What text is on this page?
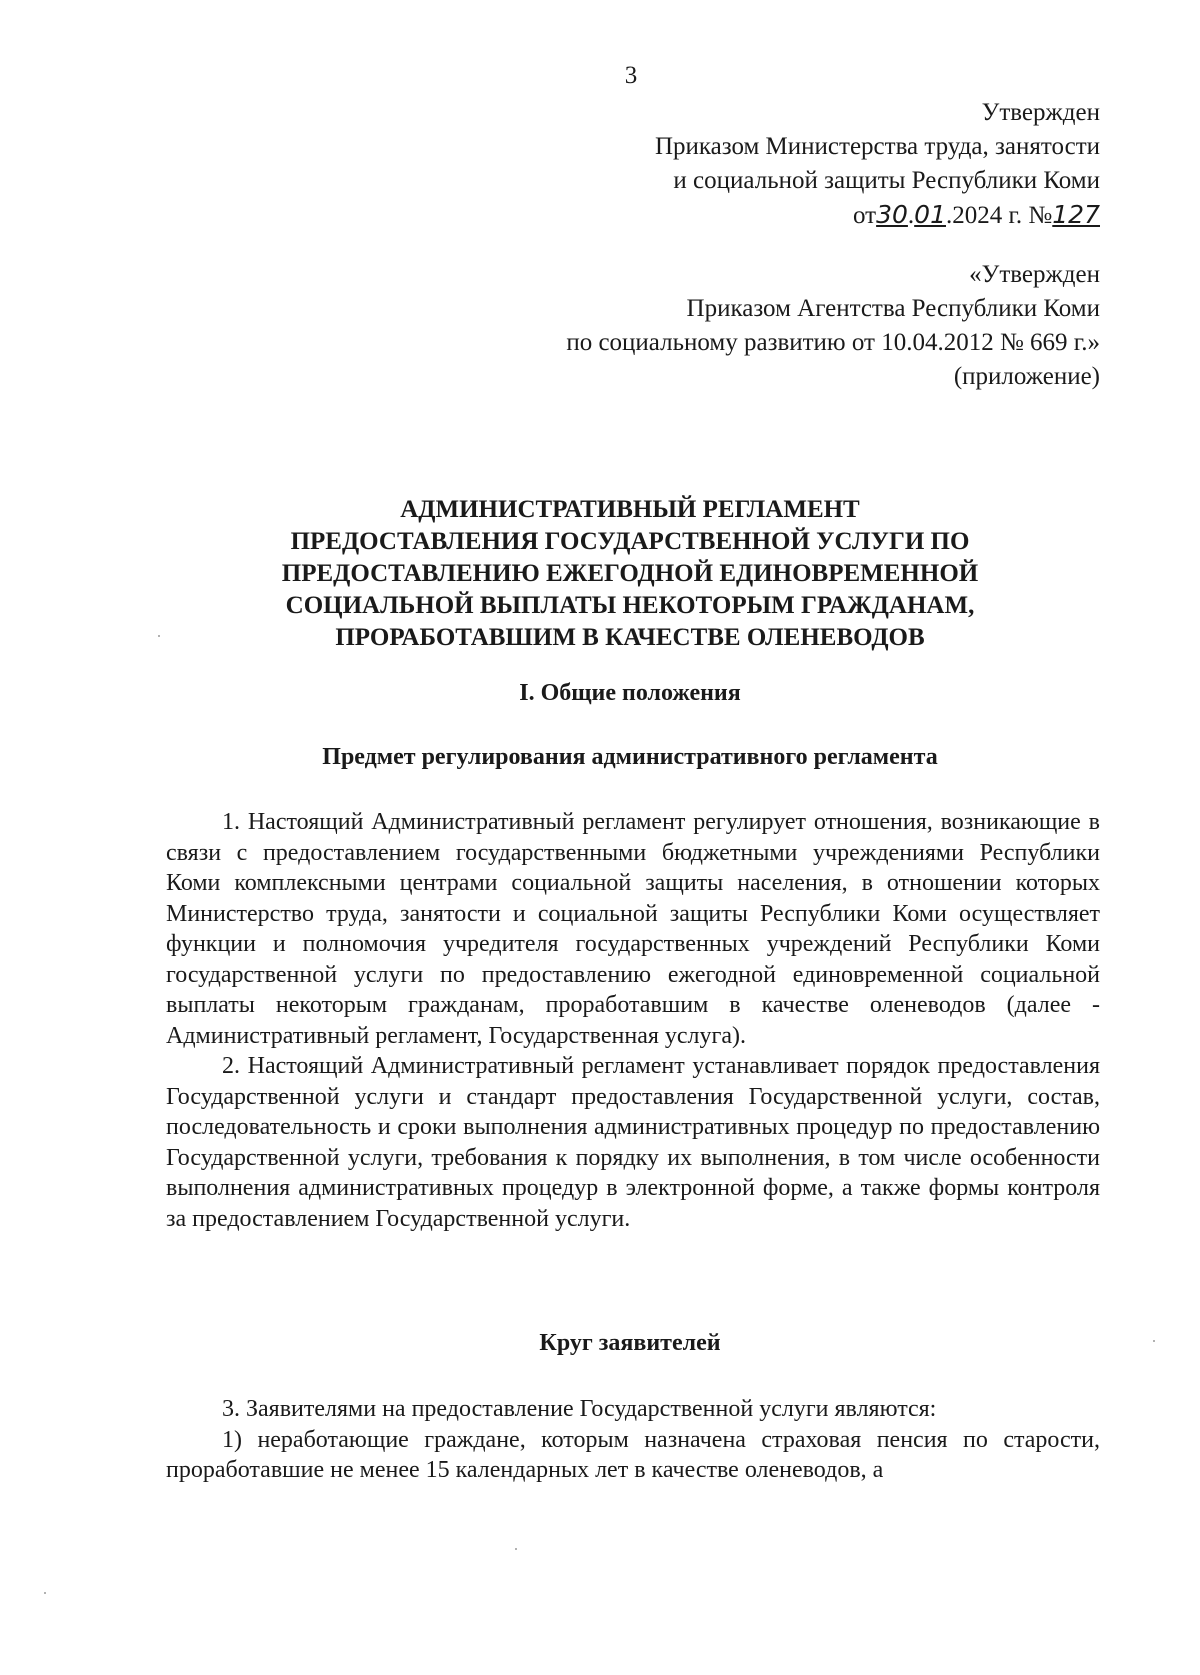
3
Утвержден
Приказом Министерства труда, занятости
и социальной защиты Республики Коми
от30.01.2024 г. №127
«Утвержден
Приказом Агентства Республики Коми
по социальному развитию от 10.04.2012 № 669 г.»
(приложение)
АДМИНИСТРАТИВНЫЙ РЕГЛАМЕНТ
ПРЕДОСТАВЛЕНИЯ ГОСУДАРСТВЕННОЙ УСЛУГИ ПО
ПРЕДОСТАВЛЕНИЮ ЕЖЕГОДНОЙ ЕДИНОВРЕМЕННОЙ
СОЦИАЛЬНОЙ ВЫПЛАТЫ НЕКОТОРЫМ ГРАЖДАНАМ,
ПРОРАБОТАВШИМ В КАЧЕСТВЕ ОЛЕНЕВОДОВ
I. Общие положения
Предмет регулирования административного регламента

1. Настоящий Административный регламент регулирует отношения, возникающие в связи с предоставлением государственными бюджетными учреждениями Республики Коми комплексными центрами социальной защиты населения, в отношении которых Министерство труда, занятости и социальной защиты Республики Коми осуществляет функции и полномочия учредителя государственных учреждений Республики Коми государственной услуги по предоставлению ежегодной единовременной социальной выплаты некоторым гражданам, проработавшим в качестве оленеводов (далее - Административный регламент, Государственная услуга).

2. Настоящий Административный регламент устанавливает порядок предоставления Государственной услуги и стандарт предоставления Государственной услуги, состав, последовательность и сроки выполнения административных процедур по предоставлению Государственной услуги, требования к порядку их выполнения, в том числе особенности выполнения административных процедур в электронной форме, а также формы контроля за предоставлением Государственной услуги.

Круг заявителей

3. Заявителями на предоставление Государственной услуги являются:

1) неработающие граждане, которым назначена страховая пенсия по старости, проработавшие не менее 15 календарных лет в качестве оленеводов, а
